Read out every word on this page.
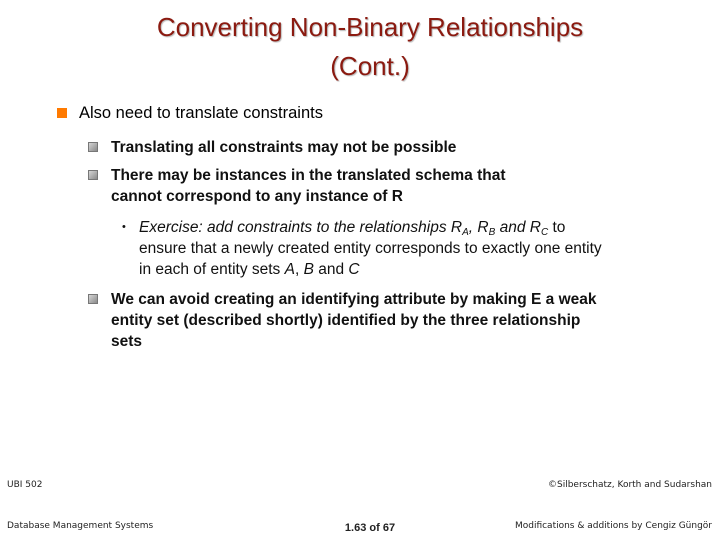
Converting Non-Binary Relationships
(Cont.)
Also need to translate constraints
Translating all constraints may not be possible
There may be instances in the translated schema that
cannot correspond to any instance of R
• Exercise: add constraints to the relationships $R_A$, $R_B$ and $R_C$ to
ensure that a newly created entity corresponds to exactly one entity
in each of entity sets A, B and C
We can avoid creating an identifying attribute by making E a weak
entity set (described shortly) identified by the three relationship
sets
UBI 502
Database Management Systems	1.63 of 67
©Silberschatz, Korth and Sudarshan
Modifications & additions by Cengiz Güngör
